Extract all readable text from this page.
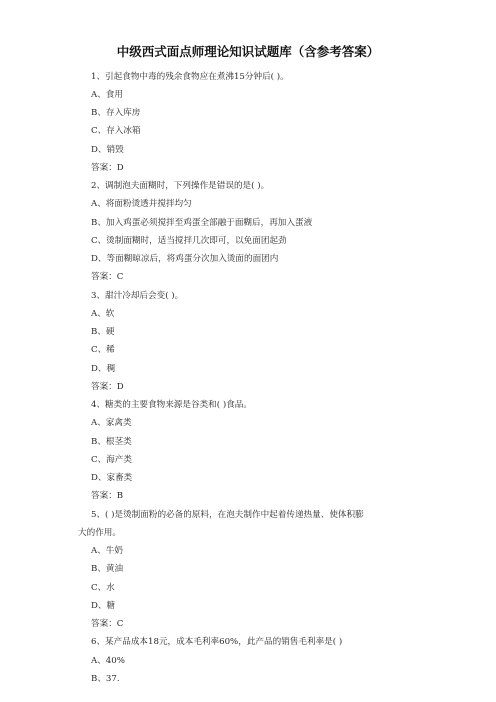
中级西式面点师理论知识试题库（含参考答案）
1、引起食物中毒的残余食物应在煮沸15分钟后( )。
A、食用
B、存入库房
C、存入冰箱
D、销毁
答案：D
2、调制泡夫面糊时，下列操作是错误的是( )。
A、将面粉烫透并搅拌均匀
B、加入鸡蛋必须搅拌至鸡蛋全部融于面糊后，再加入蛋液
C、烫制面糊时，适当搅拌几次即可，以免面团起劲
D、等面糊晾凉后，将鸡蛋分次加入烫面的面团内
答案：C
3、甜汁冷却后会变( )。
A、软
B、硬
C、稀
D、稠
答案：D
4、糖类的主要食物来源是谷类和( )食品。
A、家禽类
B、根茎类
C、海产类
D、家畜类
答案：B
5、( )是烫制面粉的必备的原料，在泡夫制作中起着传递热量、使体积膨
大的作用。
A、牛奶
B、黄油
C、水
D、糖
答案：C
6、某产品成本18元，成本毛利率60%，此产品的销售毛利率是( )
A、40%
B、37.
